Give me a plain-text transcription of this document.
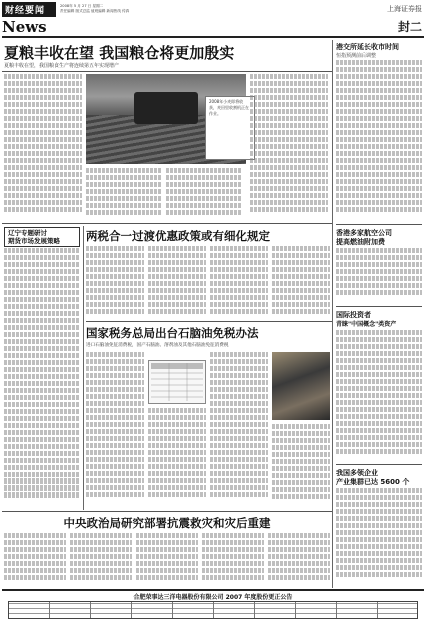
财经要闻
News
2008年 5 月 27 日 星期二
责任编辑 版式总监 值班编辑 新闻热线 传真	上海证券报
封二
夏粮丰收在望 我国粮仓将更加殷实
夏粮丰收在望，我国粮食生产将连续第五年实现增产
2008年小麦即将收获，麦田里收割机正在作业。
港交所延长收市时间
恒指预测前后调整
香港多家航空公司
提高燃油附加费
国际投资者
青睐"中国概念"类资产
我国多领企业
产业集群已达 5600 个
辽宁专题研讨
期货市场发展策略	两税合一过渡优惠政策或有细化规定
国家税务总局出台石脑油免税办法
进口石脑油免征消费税，国产石脑油、溶剂油及其他石脑油免征消费税
中央政治局研究部署抗震救灾和灾后重建
合肥荣事达三洋电器股份有限公司 2007 年度股份更正公告
